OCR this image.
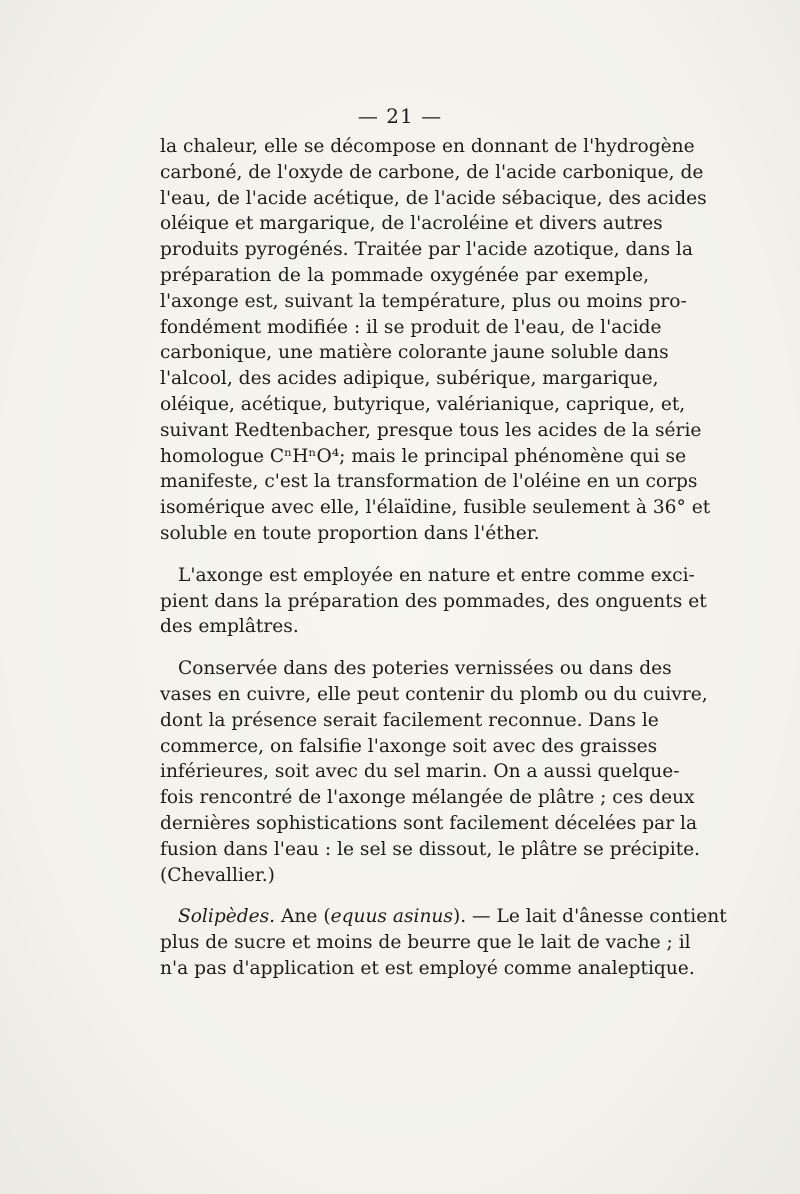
— 21 —
la chaleur, elle se décompose en donnant de l'hydrogène
carboné, de l'oxyde de carbone, de l'acide carbonique, de
l'eau, de l'acide acétique, de l'acide sébacique, des acides
oléique et margarique, de l'acroléine et divers autres
produits pyrogénés. Traitée par l'acide azotique, dans la
préparation de la pommade oxygénée par exemple,
l'axonge est, suivant la température, plus ou moins pro-
fondément modifiée : il se produit de l'eau, de l'acide
carbonique, une matière colorante jaune soluble dans
l'alcool, des acides adipique, subérique, margarique,
oléique, acétique, butyrique, valérianique, caprique, et,
suivant Redtenbacher, presque tous les acides de la série
homologue CⁿHⁿO⁴; mais le principal phénomène qui se
manifeste, c'est la transformation de l'oléine en un corps
isomérique avec elle, l'élaïdine, fusible seulement à 36° et
soluble en toute proportion dans l'éther.
L'axonge est employée en nature et entre comme exci-
pient dans la préparation des pommades, des onguents et
des emplâtres.
Conservée dans des poteries vernissées ou dans des
vases en cuivre, elle peut contenir du plomb ou du cuivre,
dont la présence serait facilement reconnue. Dans le
commerce, on falsifie l'axonge soit avec des graisses
inférieures, soit avec du sel marin. On a aussi quelque-
fois rencontré de l'axonge mélangée de plâtre ; ces deux
dernières sophistications sont facilement décelées par la
fusion dans l'eau : le sel se dissout, le plâtre se précipite.
(Chevallier.)
Solipèdes. Ane (equus asinus). — Le lait d'ânesse contient
plus de sucre et moins de beurre que le lait de vache ; il
n'a pas d'application et est employé comme analeptique.
